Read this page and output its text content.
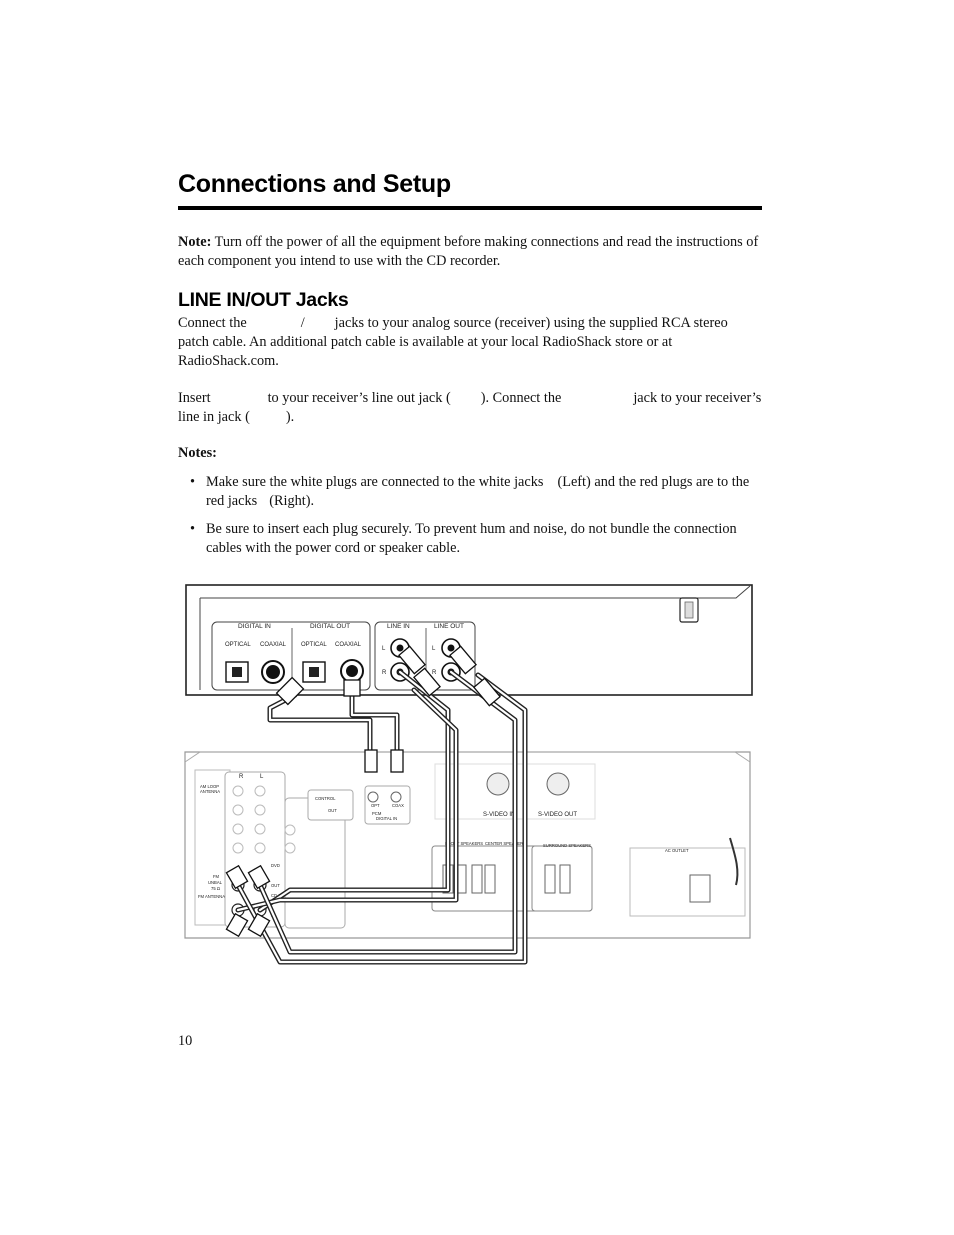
Connections and Setup

Note: Turn off the power of all the equipment before making connections and read the instructions of each component you intend to use with the CD recorder.

LINE IN/OUT Jacks

Connect the	/ jacks to your analog source (receiver) using the supplied RCA stereo patch cable. An additional patch cable is available at your local RadioShack store or at RadioShack.com.

Insert	to your receiver’s line out jack ( ). Connect the	jack to your receiver’s line in jack (	).

Notes:

• Make sure the white plugs are connected to the white jacks (Left) and the red plugs are to the red jacks (Right).
• Be sure to insert each plug securely. To prevent hum and noise, do not bundle the connection cables with the power cord or speaker cable.
DIGITAL IN	DIGITAL OUT
OPTICAL COAXIAL OPTICAL COAXIAL
LINE IN	LINE OUT
L
R
L
R
R	L
AM LOOP
ANTENNA
FM
UNBAL
75 Ω
FM ANTENNA
CONTROL
OUT
OPT	COAX
PCM
DIGITAL IN
DVD
OUT
CD-R
IN
S-VIDEO IN	S-VIDEO OUT
FRONT SPEAKERS CENTER SPEAKER	SURROUND SPEAKERS
AC OUTLET
10
